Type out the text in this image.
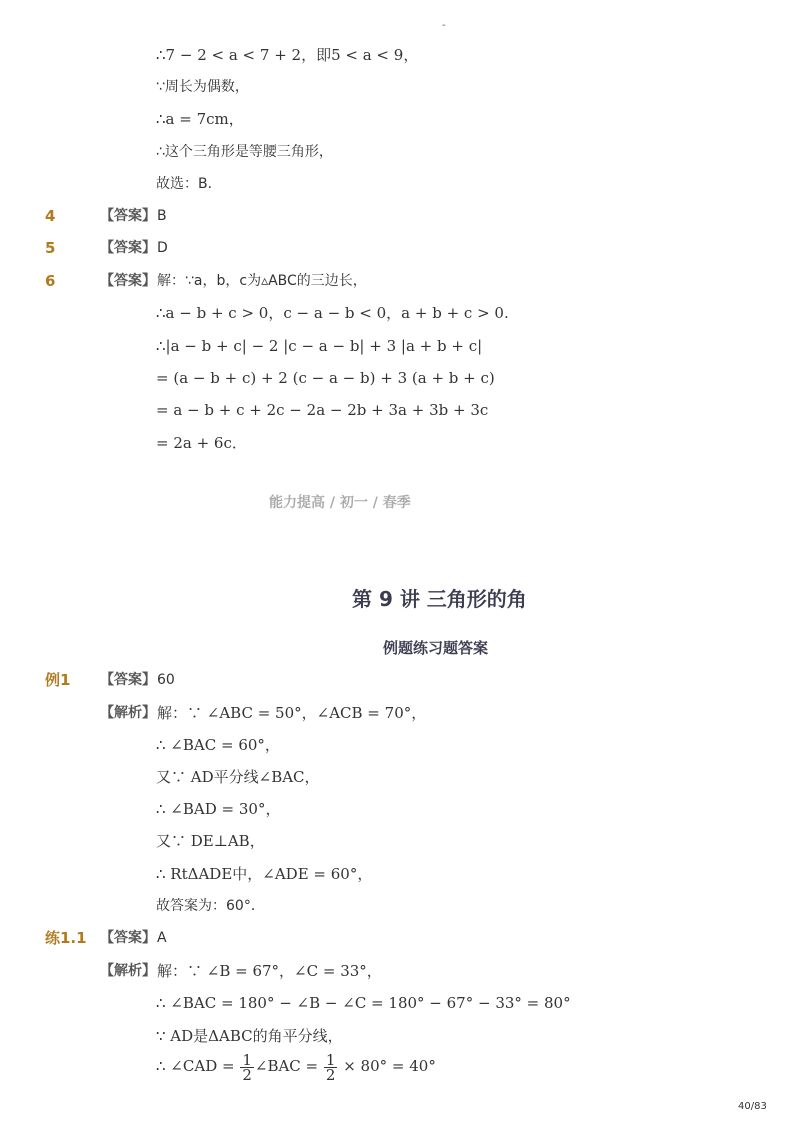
-
∴7 − 2 < a < 7 + 2，即5 < a < 9，
∵周长为偶数，
∴a = 7cm，
∴这个三角形是等腰三角形，
故选：B．
4	【答案】 B
5	【答案】 D
6	【答案】 解：∵a，b，c为▵ABC的三边长，
∴a − b + c > 0，c − a − b < 0，a + b + c > 0.
∴|a − b + c| − 2 |c − a − b| + 3 |a + b + c|
= (a − b + c) + 2 (c − a − b) + 3 (a + b + c)
= a − b + c + 2c − 2a − 2b + 3a + 3b + 3c
= 2a + 6c．
能力提高 / 初一 / 春季
第 9 讲 三角形的角
例题练习题答案
例1 【答案】 60
【解析】 解：∵ ∠ABC = 50°，∠ACB = 70°，
∴ ∠BAC = 60°，
又∵ AD平分线∠BAC，
∴ ∠BAD = 30°，
又∵ DE⊥AB，
∴ RtΔADE中，∠ADE = 60°，
故答案为：60°．
练1.1 【答案】 A
【解析】 解：∵ ∠B = 67°，∠C = 33°，
∴ ∠BAC = 180° − ∠B − ∠C = 180° − 67° − 33° = 80°
∵ AD是ΔABC的角平分线，
∴ ∠CAD = $\frac{1}{2}$ ∠BAC = $\frac{1}{2} \times 80^\circ = 40^\circ$
40/83
